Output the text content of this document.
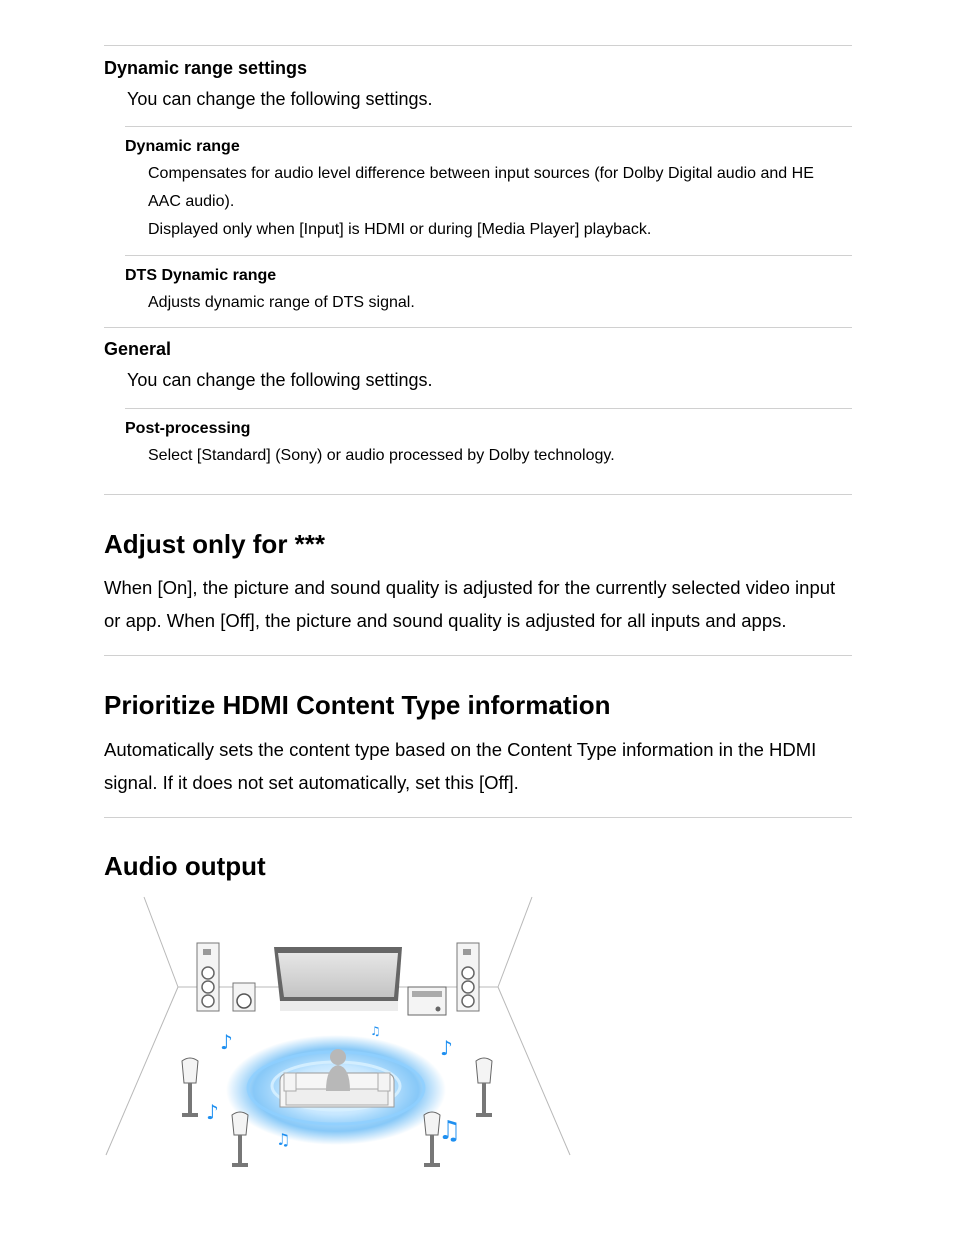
Dynamic range settings
You can change the following settings.
Dynamic range
Compensates for audio level difference between input sources (for Dolby Digital audio and HE AAC audio).
Displayed only when [Input] is HDMI or during [Media Player] playback.
DTS Dynamic range
Adjusts dynamic range of DTS signal.
General
You can change the following settings.
Post-processing
Select [Standard] (Sony) or audio processed by Dolby technology.
Adjust only for ***
When [On], the picture and sound quality is adjusted for the currently selected video input or app. When [Off], the picture and sound quality is adjusted for all inputs and apps.
Prioritize HDMI Content Type information
Automatically sets the content type based on the Content Type information in the HDMI signal. If it does not set automatically, set this [Off].
Audio output
♪	♫
♪
♪
♫	♫
